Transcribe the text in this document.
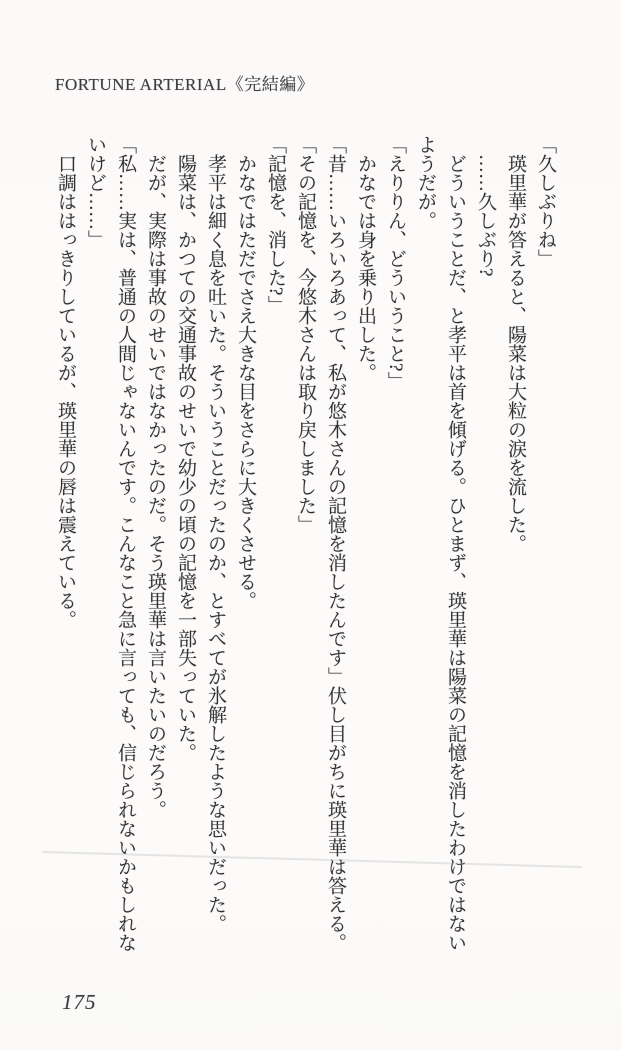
FORTUNE ARTERIAL《完結編》

「久しぶりね」

　瑛里華が答えると、陽菜は大粒の涙を流した。

　……久しぶり?

　どういうことだ、と孝平は首を傾げる。ひとまず、瑛里華は陽菜の記憶を消したわけではないようだが。

「えりりん、どういうこと?」

　かなでは身を乗り出した。

「昔……いろいろあって、私が悠木さんの記憶を消したんです」伏し目がちに瑛里華は答える。

「その記憶を、今悠木さんは取り戻しました」

「記憶を、消した?」

　かなではただでさえ大きな目をさらに大きくさせる。

　孝平は細く息を吐いた。そういうことだったのか、とすべてが氷解したような思いだった。

　陽菜は、かつての交通事故のせいで幼少の頃の記憶を一部失っていた。

　だが、実際は事故のせいではなかったのだ。そう瑛里華は言いたいのだろう。

「私……実は、普通の人間じゃないんです。こんなこと急に言っても、信じられないかもしれないけど……」

　口調ははっきりしているが、瑛里華の唇は震えている。

175
